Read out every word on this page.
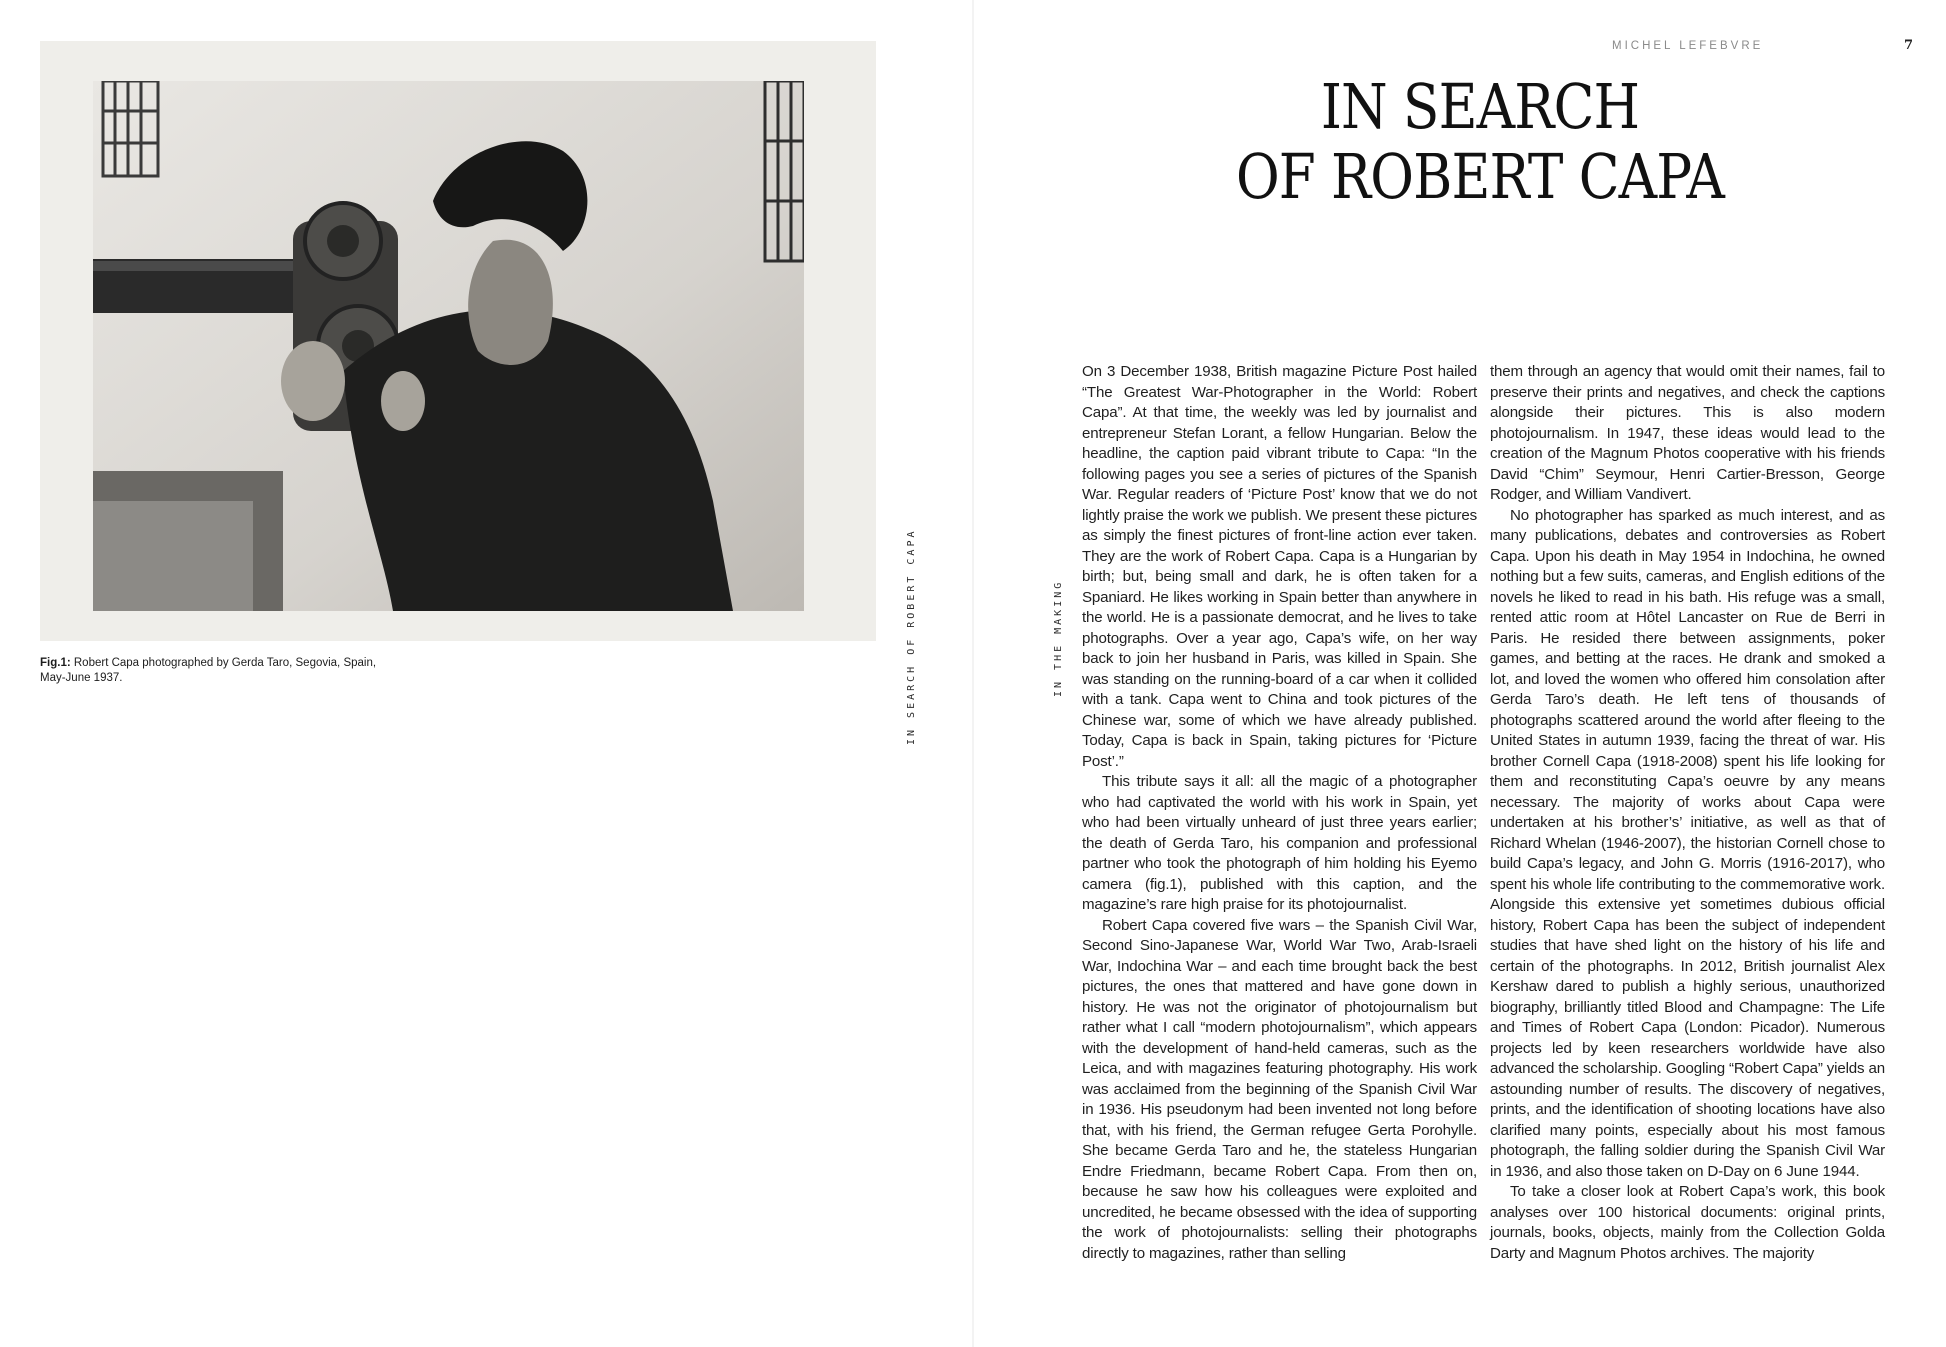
Fig.1: Robert Capa photographed by Gerda Taro, Segovia, Spain, May-June 1937.	IN SEARCH OF ROBERT CAPA	IN THE MAKING
MICHEL LEFEBVRE	7
IN SEARCH
OF ROBERT CAPA

On 3 December 1938, British magazine Picture Post hailed “The Greatest War-Photographer in the World: Robert Capa”. At that time, the weekly was led by journalist and entrepreneur Stefan Lorant, a fellow Hungarian. Below the headline, the caption paid vibrant tribute to Capa: “In the following pages you see a series of pictures of the Spanish War. Regular readers of ‘Picture Post’ know that we do not lightly praise the work we publish. We present these pictures as simply the finest pictures of front-line action ever taken. They are the work of Robert Capa. Capa is a Hungarian by birth; but, being small and dark, he is often taken for a Spaniard. He likes working in Spain better than anywhere in the world. He is a passionate democrat, and he lives to take photographs. Over a year ago, Capa’s wife, on her way back to join her husband in Paris, was killed in Spain. She was standing on the running-board of a car when it collided with a tank. Capa went to China and took pictures of the Chinese war, some of which we have already published. Today, Capa is back in Spain, taking pictures for ‘Picture Post’.”

This tribute says it all: all the magic of a photographer who had captivated the world with his work in Spain, yet who had been virtually unheard of just three years earlier; the death of Gerda Taro, his companion and professional partner who took the photograph of him holding his Eyemo camera (fig.1), published with this caption, and the magazine’s rare high praise for its photojournalist.

Robert Capa covered five wars – the Spanish Civil War, Second Sino-Japanese War, World War Two, Arab-Israeli War, Indochina War – and each time brought back the best pictures, the ones that mattered and have gone down in history. He was not the originator of photojournalism but rather what I call “modern photojournalism”, which appears with the development of hand-held cameras, such as the Leica, and with magazines featuring photography. His work was acclaimed from the beginning of the Spanish Civil War in 1936. His pseudonym had been invented not long before that, with his friend, the German refugee Gerta Porohylle. She became Gerda Taro and he, the stateless Hungarian Endre Friedmann, became Robert Capa. From then on, because he saw how his colleagues were exploited and uncredited, he became obsessed with the idea of supporting the work of photojournalists: selling their photographs directly to magazines, rather than selling

them through an agency that would omit their names, fail to preserve their prints and negatives, and check the captions alongside their pictures. This is also modern photojournalism. In 1947, these ideas would lead to the creation of the Magnum Photos cooperative with his friends David “Chim” Seymour, Henri Cartier-Bresson, George Rodger, and William Vandivert.

No photographer has sparked as much interest, and as many publications, debates and controversies as Robert Capa. Upon his death in May 1954 in Indochina, he owned nothing but a few suits, cameras, and English editions of the novels he liked to read in his bath. His refuge was a small, rented attic room at Hôtel Lancaster on Rue de Berri in Paris. He resided there between assignments, poker games, and betting at the races. He drank and smoked a lot, and loved the women who offered him consolation after Gerda Taro’s death. He left tens of thousands of photographs scattered around the world after fleeing to the United States in autumn 1939, facing the threat of war. His brother Cornell Capa (1918-2008) spent his life looking for them and reconstituting Capa’s oeuvre by any means necessary. The majority of works about Capa were undertaken at his brother’s’ initiative, as well as that of Richard Whelan (1946-2007), the historian Cornell chose to build Capa’s legacy, and John G. Morris (1916-2017), who spent his whole life contributing to the commemorative work. Alongside this extensive yet sometimes dubious official history, Robert Capa has been the subject of independent studies that have shed light on the history of his life and certain of the photographs. In 2012, British journalist Alex Kershaw dared to publish a highly serious, unauthorized biography, brilliantly titled Blood and Champagne: The Life and Times of Robert Capa (London: Picador). Numerous projects led by keen researchers worldwide have also advanced the scholarship. Googling “Robert Capa” yields an astounding number of results. The discovery of negatives, prints, and the identification of shooting locations have also clarified many points, especially about his most famous photograph, the falling soldier during the Spanish Civil War in 1936, and also those taken on D-Day on 6 June 1944.

To take a closer look at Robert Capa’s work, this book analyses over 100 historical documents: original prints, journals, books, objects, mainly from the Collection Golda Darty and Magnum Photos archives. The majority
